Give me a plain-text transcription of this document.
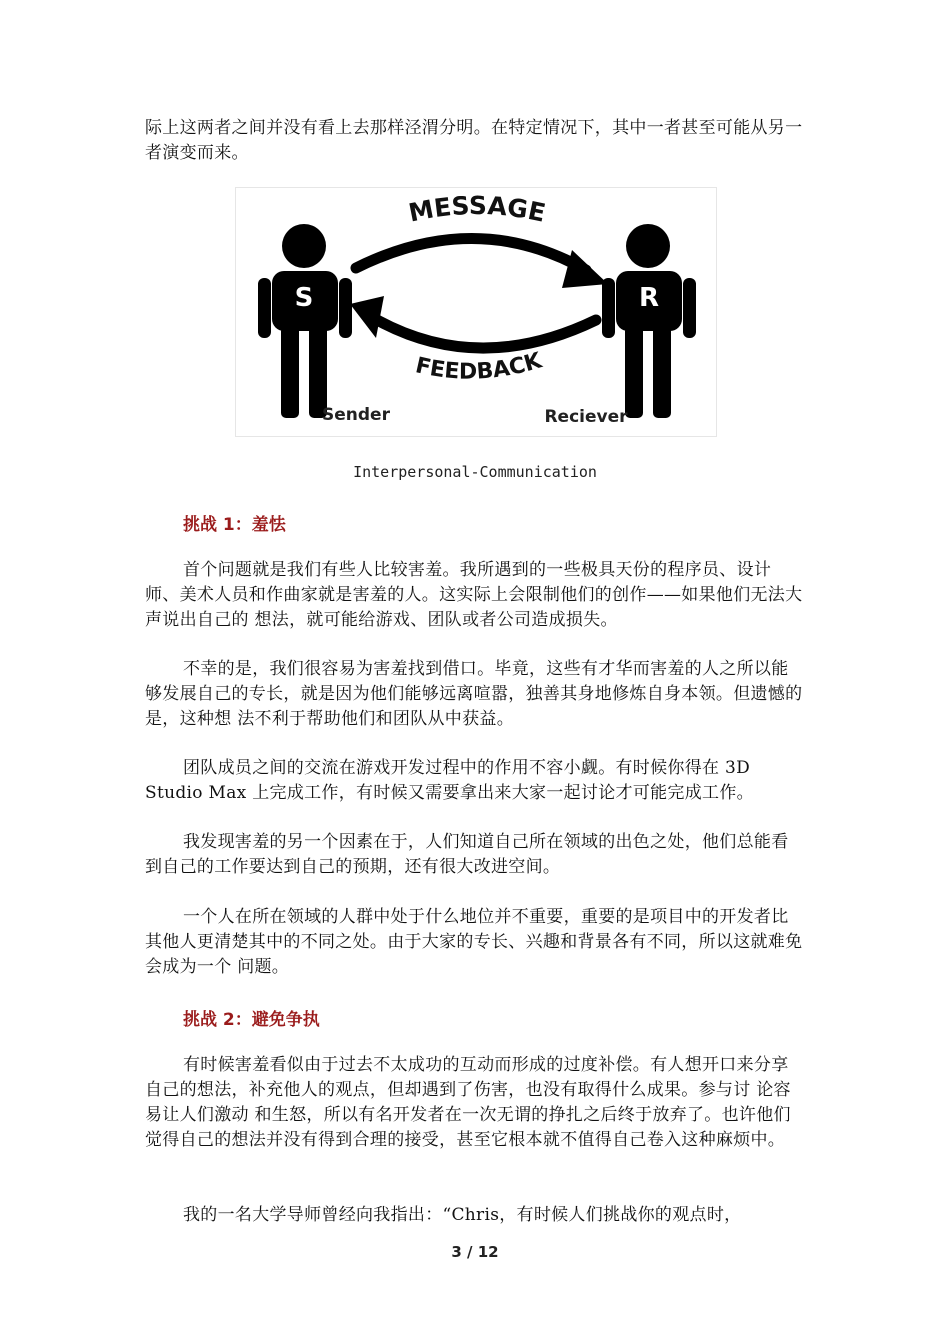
际上这两者之间并没有看上去那样泾渭分明。在特定情况下，其中一者甚至可能从另一者演变而来。

S
Sender
R
Reciever
MESSAGE
FEEDBACK
Interpersonal-Communication

挑战 1：羞怯

首个问题就是我们有些人比较害羞。我所遇到的一些极具天份的程序员、设计师、美术人员和作曲家就是害羞的人。这实际上会限制他们的创作——如果他们无法大声说出自己的 想法，就可能给游戏、团队或者公司造成损失。

不幸的是，我们很容易为害羞找到借口。毕竟，这些有才华而害羞的人之所以能够发展自己的专长，就是因为他们能够远离喧嚣，独善其身地修炼自身本领。但遗憾的是，这种想 法不利于帮助他们和团队从中获益。

团队成员之间的交流在游戏开发过程中的作用不容小觑。有时候你得在 3D Studio Max 上完成工作，有时候又需要拿出来大家一起讨论才可能完成工作。

我发现害羞的另一个因素在于，人们知道自己所在领域的出色之处，他们总能看到自己的工作要达到自己的预期，还有很大改进空间。

一个人在所在领域的人群中处于什么地位并不重要，重要的是项目中的开发者比其他人更清楚其中的不同之处。由于大家的专长、兴趣和背景各有不同，所以这就难免会成为一个 问题。

挑战 2：避免争执

有时候害羞看似由于过去不太成功的互动而形成的过度补偿。有人想开口来分享自己的想法，补充他人的观点，但却遇到了伤害，也没有取得什么成果。参与讨 论容易让人们激动 和生怒，所以有名开发者在一次无谓的挣扎之后终于放弃了。也许他们觉得自己的想法并没有得到合理的接受，甚至它根本就不值得自己卷入这种麻烦中。

我的一名大学导师曾经向我指出：“Chris，有时候人们挑战你的观点时，

3 / 12
